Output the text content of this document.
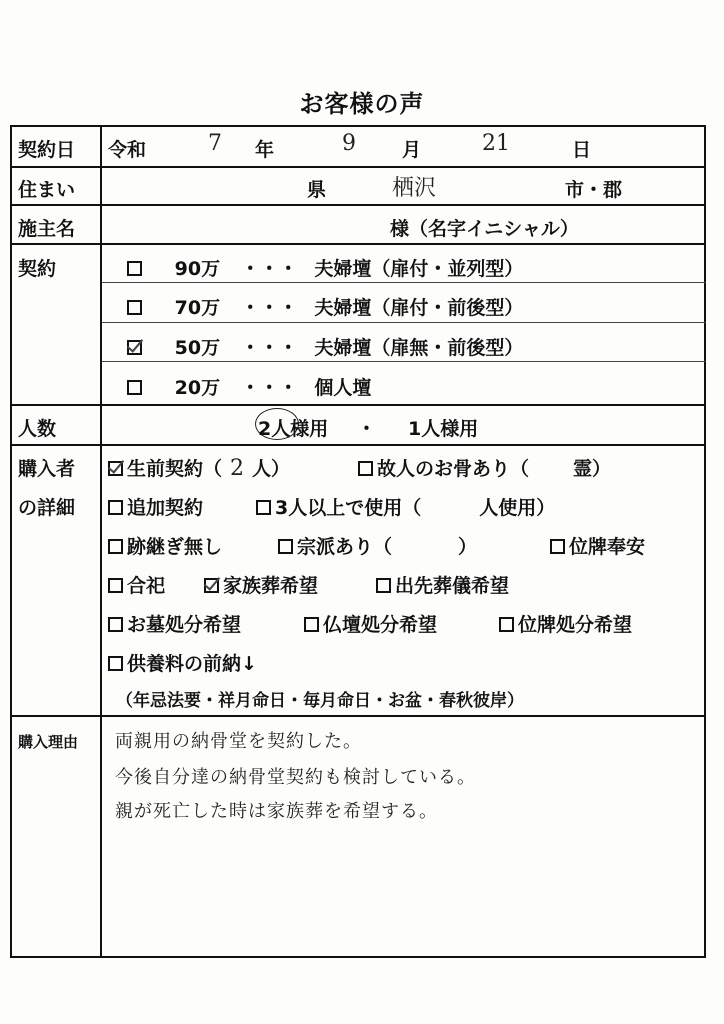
お客様の声
契約日 令和	7 年	9 月	21	日
住まい	県	栖沢	市・郡
施主名	様（名字イニシャル）
契約	90万 ・・・ 夫婦壇（扉付・並列型）
70万 ・・・ 夫婦壇（扉付・前後型）
50万 ・・・ 夫婦壇（扉無・前後型）
20万 ・・・ 個人壇
人数	2人様用 ・ 1人様用
購入者
の詳細
生前契約（ 2 人）	故人のお骨あり（ 霊）
追加契約	3人以上で使用（	人使用）
跡継ぎ無し	宗派あり（	）	位牌奉安
合祀	家族葬希望	出先葬儀希望
お墓処分希望	仏壇処分希望	位牌処分希望
供養料の前納↓
（年忌法要・祥月命日・毎月命日・お盆・春秋彼岸）
購入理由 両親用の納骨堂を契約した。
今後自分達の納骨堂契約も検討している。
親が死亡した時は家族葬を希望する。
